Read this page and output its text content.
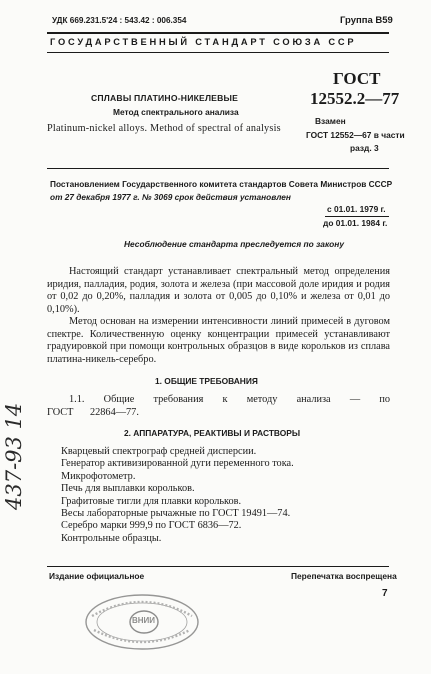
УДК 669.231.5'24 : 543.42 : 006.354	Группа В59
ГОСУДАРСТВЕННЫЙ СТАНДАРТ СОЮЗА ССР
СПЛАВЫ ПЛАТИНО-НИКЕЛЕВЫЕ
Метод спектрального анализа
Platinum-nickel alloys. Method of spectral of analysis
ГОСТ
12552.2—77
Взамен
ГОСТ 12552—67 в части
разд. 3
Постановлением Государственного комитета стандартов Совета Министров СССР
от 27 декабря 1977 г. № 3069 срок действия установлен
с 01.01. 1979 г.
до 01.01. 1984 г.
Несоблюдение стандарта преследуется по закону
Настоящий стандарт устанавливает спектральный метод определения иридия, палладия, родия, золота и железа (при массовой доле иридия и родия от 0,02 до 0,20%, палладия и золота от 0,005 до 0,10% и железа от 0,01 до 0,10%).
Метод основан на измерении интенсивности линий примесей в дуговом спектре. Количественную оценку концентрации примесей устанавливают градуировкой при помощи контрольных образцов в виде корольков из сплава платина-никель-серебро.
1. ОБЩИЕ ТРЕБОВАНИЯ
1.1. Общие требования к методу анализа — по ГОСТ 22864—77.
2. АППАРАТУРА, РЕАКТИВЫ И РАСТВОРЫ
Кварцевый спектрограф средней дисперсии.
Генератор активизированной дуги переменного тока.
Микрофотометр.
Печь для выплавки корольков.
Графитовые тигли для плавки корольков.
Весы лабораторные рычажные по ГОСТ 19491—74.
Серебро марки 999,9 по ГОСТ 6836—72.
Контрольные образцы.
437-93 14
Издание официальное	Перепечатка воспрещена
7
ВНИИ
